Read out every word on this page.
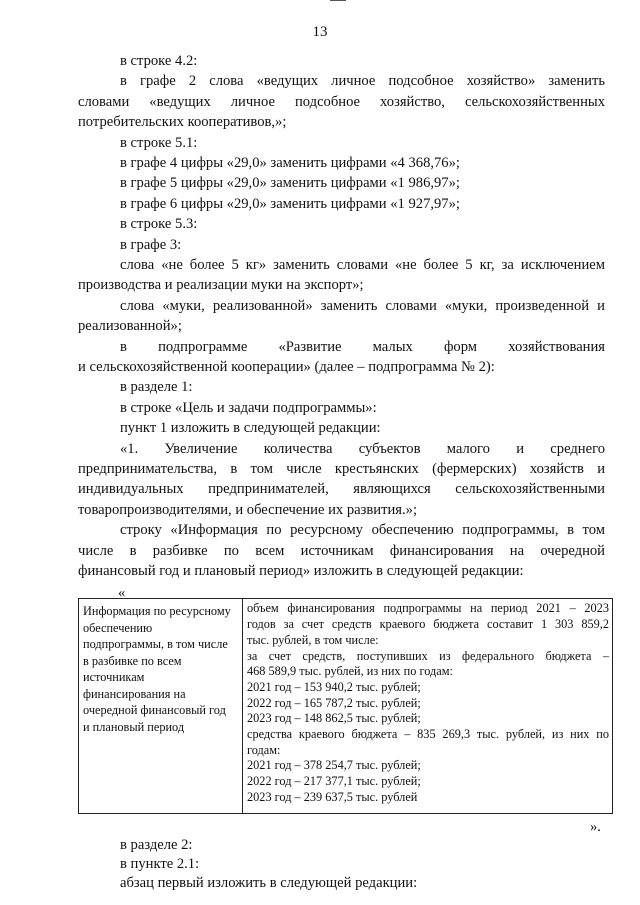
13
в строке 4.2:
в графе 2 слова «ведущих личное подсобное хозяйство» заменить
словами «ведущих личное подсобное хозяйство, сельскохозяйственных
потребительских кооперативов,»;
в строке 5.1:
в графе 4 цифры «29,0» заменить цифрами «4 368,76»;
в графе 5 цифры «29,0» заменить цифрами «1 986,97»;
в графе 6 цифры «29,0» заменить цифрами «1 927,97»;
в строке 5.3:
в графе 3:
слова «не более 5 кг» заменить словами «не более 5 кг, за исключением
производства и реализации муки на экспорт»;
слова «муки, реализованной» заменить словами «муки, произведенной и
реализованной»;
в подпрограмме «Развитие малых форм хозяйствования
и сельскохозяйственной кооперации» (далее – подпрограмма № 2):
в разделе 1:
в строке «Цель и задачи подпрограммы»:
пункт 1 изложить в следующей редакции:
«1. Увеличение количества субъектов малого и среднего
предпринимательства, в том числе крестьянских (фермерских) хозяйств и
индивидуальных предпринимателей, являющихся сельскохозяйственными
товаропроизводителями, и обеспечение их развития.»;
строку «Информация по ресурсному обеспечению подпрограммы, в том
числе в разбивке по всем источникам финансирования на очередной
финансовый год и плановый период» изложить в следующей редакции:
«
Информация по ресурсному
обеспечению
подпрограммы, в том числе
в разбивке по всем
источникам
финансирования на
очередной финансовый год
и плановый период
объем финансирования подпрограммы на период 2021 – 2023
годов за счет средств краевого бюджета составит 1 303 859,2
тыс. рублей, в том числе:
за счет средств, поступивших из федерального бюджета –
468 589,9 тыс. рублей, из них по годам:
2021 год – 153 940,2 тыс. рублей;
2022 год – 165 787,2 тыс. рублей;
2023 год – 148 862,5 тыс. рублей;
средства краевого бюджета – 835 269,3 тыс. рублей, из них по
годам:
2021 год – 378 254,7 тыс. рублей;
2022 год – 217 377,1 тыс. рублей;
2023 год – 239 637,5 тыс. рублей
».
в разделе 2:
в пункте 2.1:
абзац первый изложить в следующей редакции:
